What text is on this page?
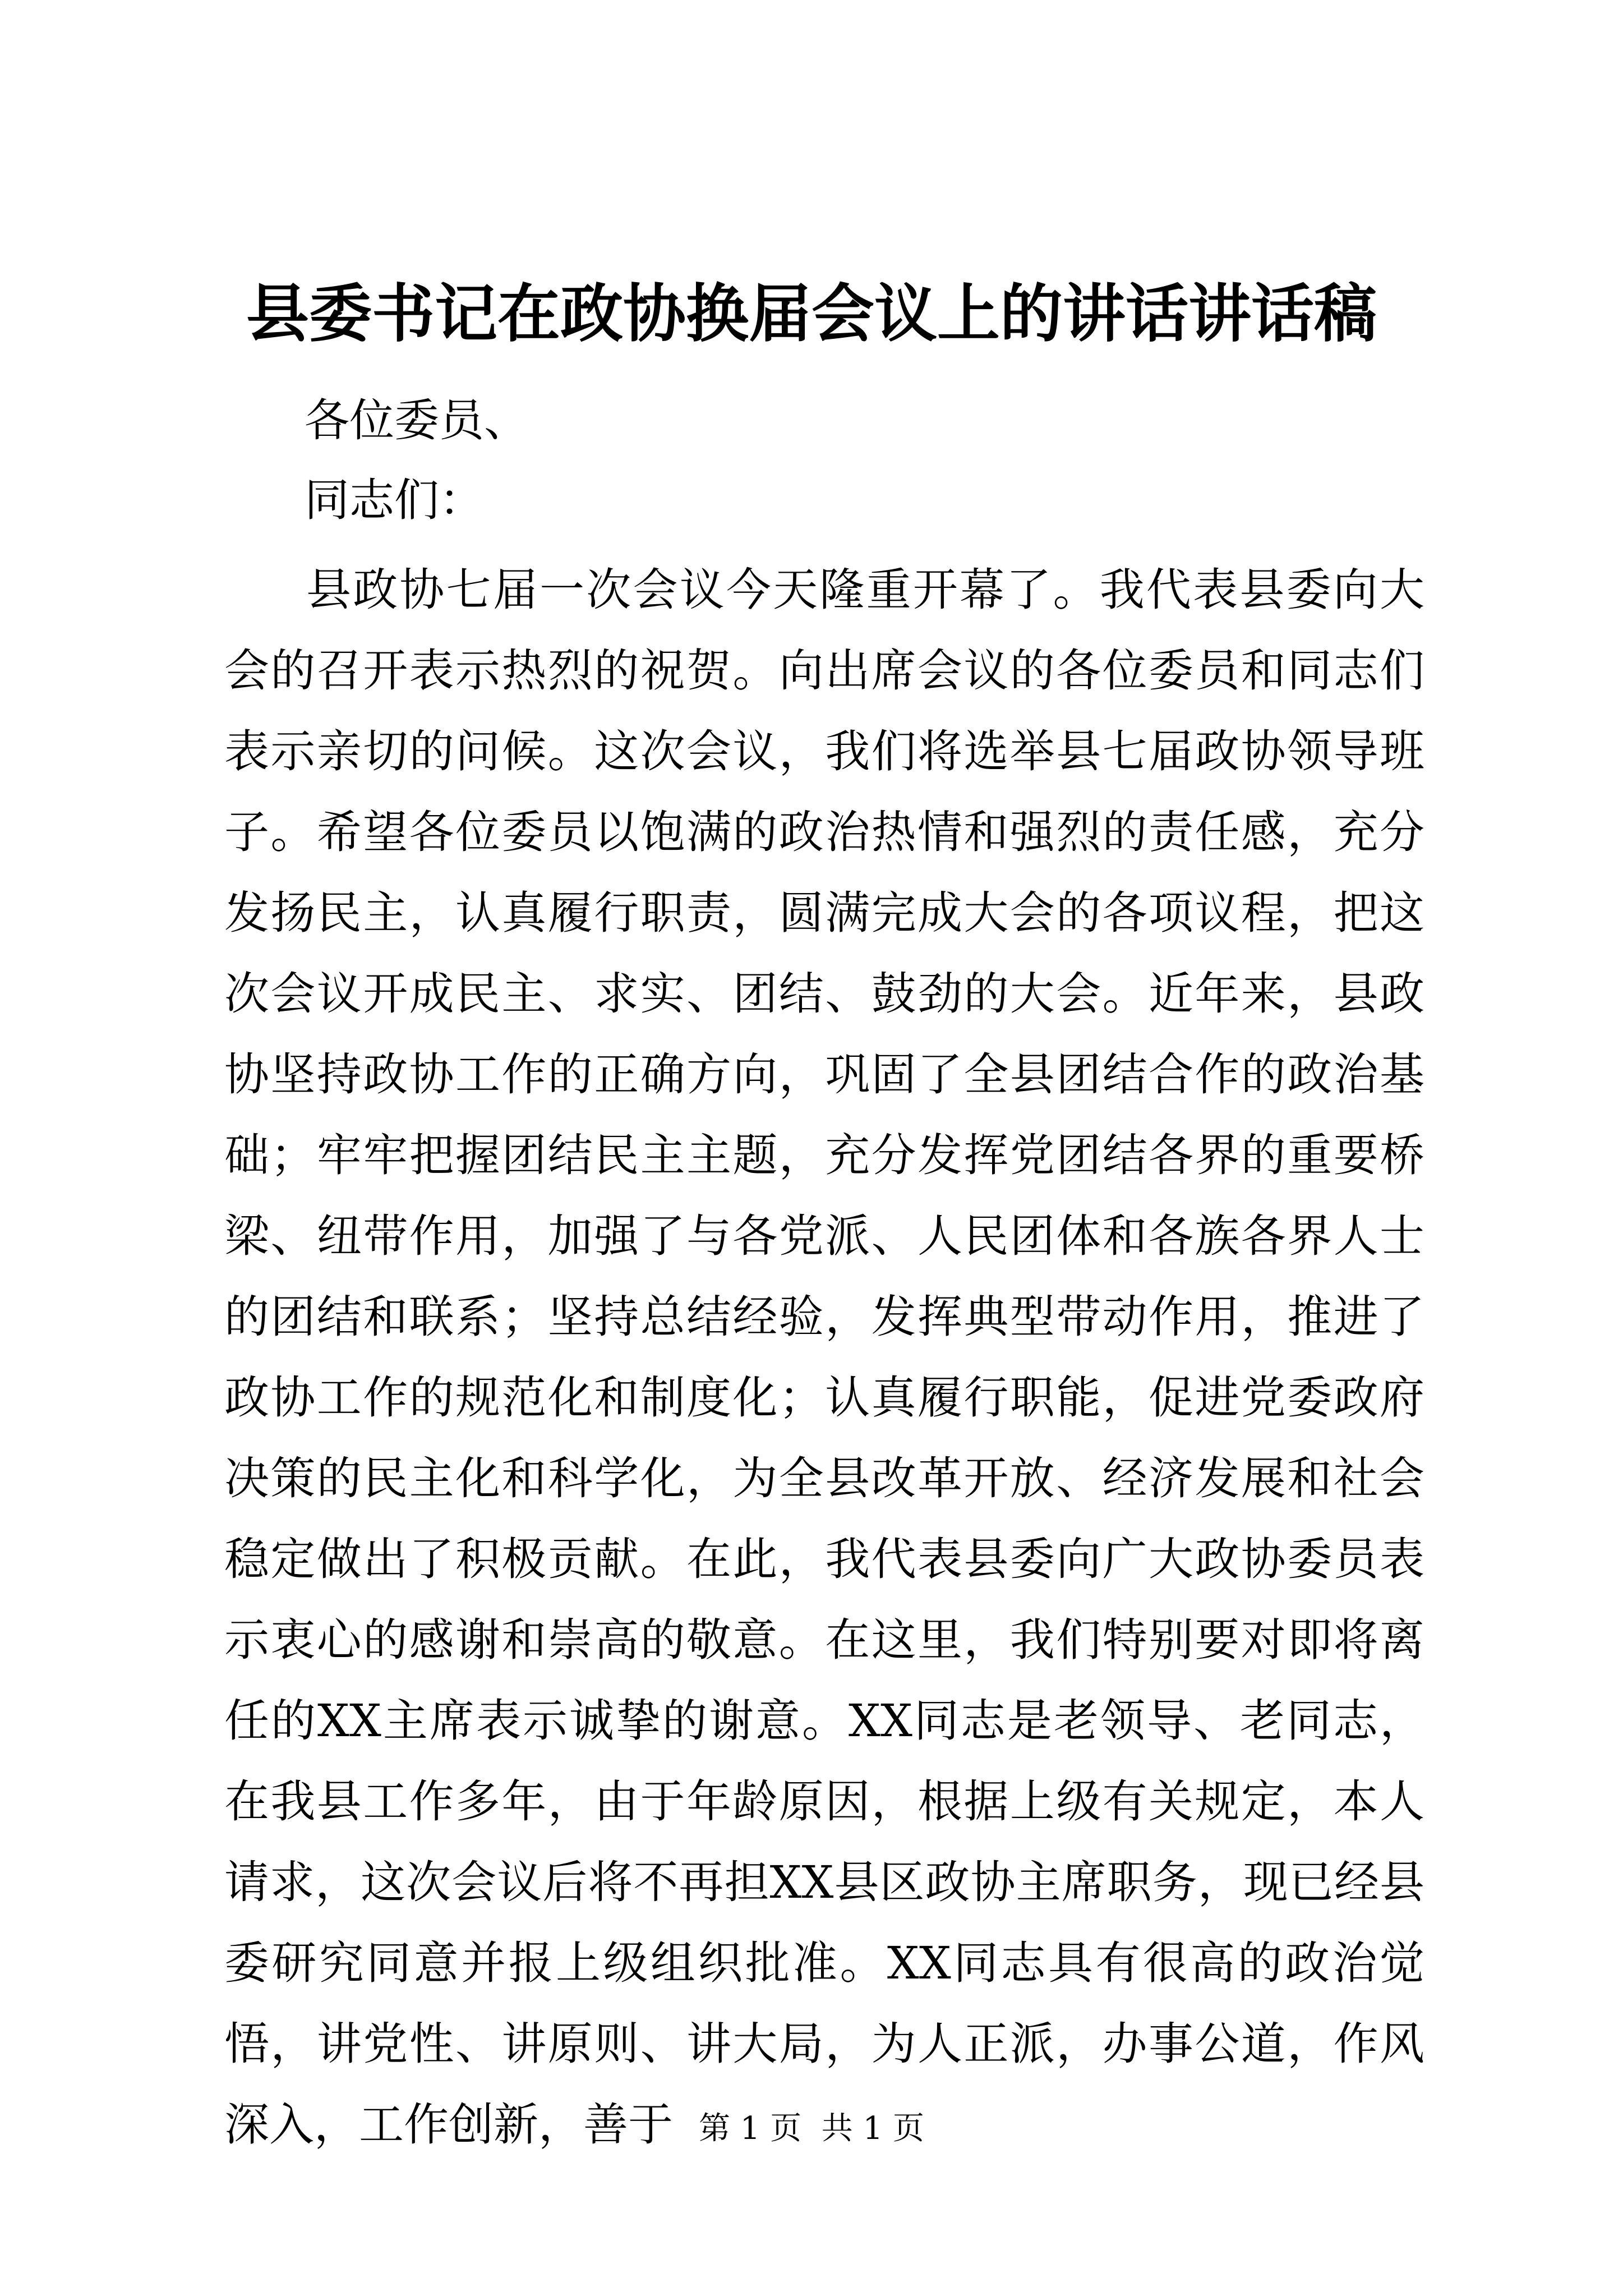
县委书记在政协换届会议上的讲话讲话稿
各位委员、
同志们：

县政协七届一次会议今天隆重开幕了。我代表县委向大会的召开表示热烈的祝贺。向出席会议的各位委员和同志们表示亲切的问候。这次会议，我们将选举县七届政协领导班子。希望各位委员以饱满的政治热情和强烈的责任感，充分发扬民主，认真履行职责，圆满完成大会的各项议程，把这次会议开成民主、求实、团结、鼓劲的大会。近年来，县政协坚持政协工作的正确方向，巩固了全县团结合作的政治基础；牢牢把握团结民主主题，充分发挥党团结各界的重要桥梁、纽带作用，加强了与各党派、人民团体和各族各界人士的团结和联系；坚持总结经验，发挥典型带动作用，推进了政协工作的规范化和制度化；认真履行职能，促进党委政府决策的民主化和科学化，为全县改革开放、经济发展和社会稳定做出了积极贡献。在此，我代表县委向广大政协委员表示衷心的感谢和崇高的敬意。在这里，我们特别要对即将离任的XX主席表示诚挚的谢意。XX同志是老领导、老同志，在我县工作多年，由于年龄原因，根据上级有关规定，本人请求，这次会议后将不再担XX县区政协主席职务，现已经县委研究同意并报上级组织批准。XX同志具有很高的政治觉悟，讲党性、讲原则、讲大局，为人正派，办事公道，作风深入，工作创新，善于 第 1 页  共 1 页
